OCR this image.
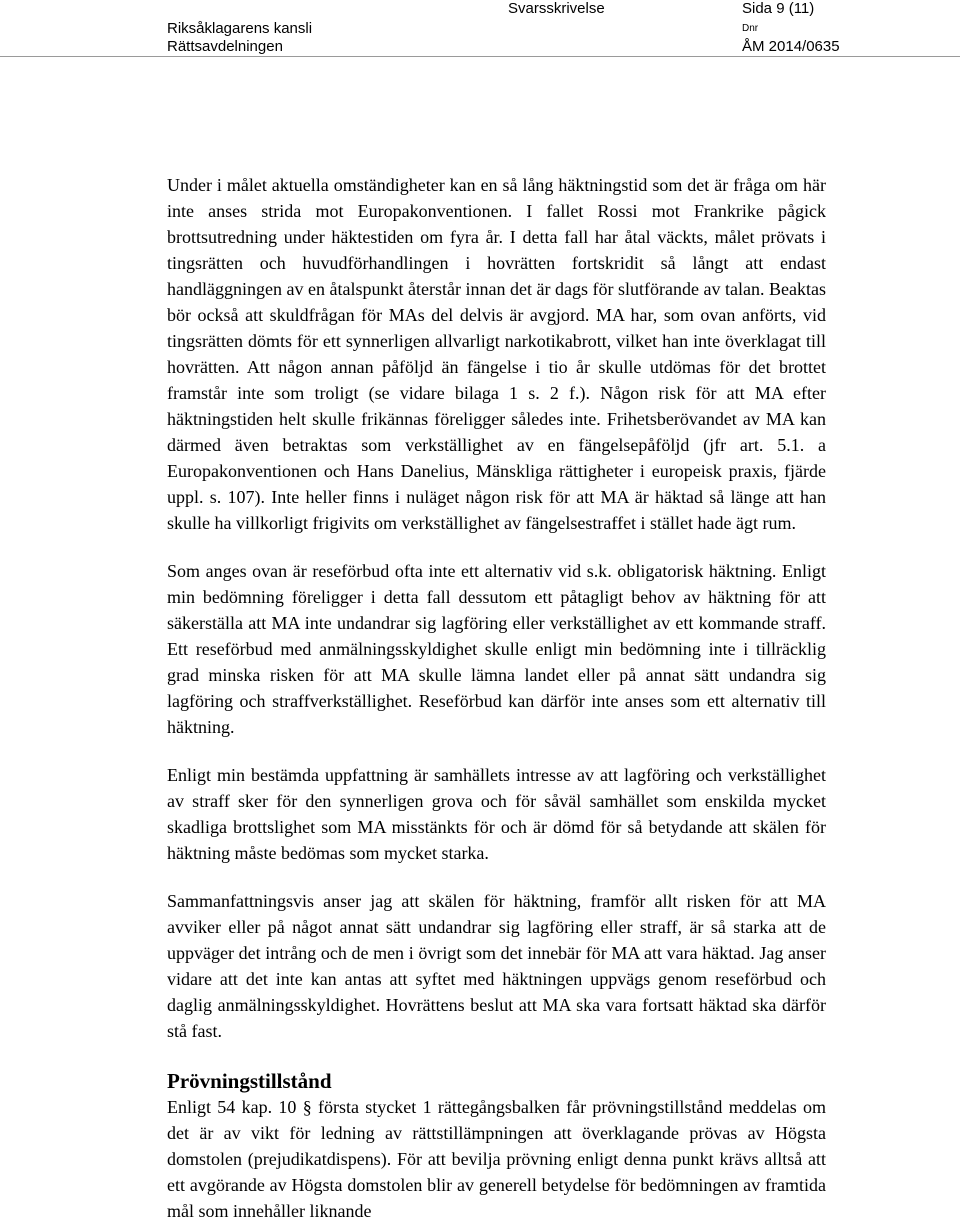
Riksåklagarens kansli
Rättsavdelningen
Svarsskrivelse	Sida 9 (11)
Dnr
ÅM 2014/0635

Under i målet aktuella omständigheter kan en så lång häktningstid som det är fråga om här inte anses strida mot Europakonventionen. I fallet Rossi mot Frankrike pågick brottsutredning under häktestiden om fyra år. I detta fall har åtal väckts, målet prövats i tingsrätten och huvudförhandlingen i hovrätten fortskridit så långt att endast handläggningen av en åtalspunkt återstår innan det är dags för slutförande av talan. Beaktas bör också att skuldfrågan för MAs del delvis är avgjord. MA har, som ovan anförts, vid tingsrätten dömts för ett synnerligen allvarligt narkotikabrott, vilket han inte överklagat till hovrätten. Att någon annan påföljd än fängelse i tio år skulle utdömas för det brottet framstår inte som troligt (se vidare bilaga 1 s. 2 f.). Någon risk för att MA efter häktningstiden helt skulle frikännas föreligger således inte. Frihetsberövandet av MA kan därmed även betraktas som verkställighet av en fängelsepåföljd (jfr art. 5.1. a Europakonventionen och Hans Danelius, Mänskliga rättigheter i europeisk praxis, fjärde uppl. s. 107). Inte heller finns i nuläget någon risk för att MA är häktad så länge att han skulle ha villkorligt frigivits om verkställighet av fängelsestraffet i stället hade ägt rum.

Som anges ovan är reseförbud ofta inte ett alternativ vid s.k. obligatorisk häktning. Enligt min bedömning föreligger i detta fall dessutom ett påtagligt behov av häktning för att säkerställa att MA inte undandrar sig lagföring eller verkställighet av ett kommande straff. Ett reseförbud med anmälningsskyldighet skulle enligt min bedömning inte i tillräcklig grad minska risken för att MA skulle lämna landet eller på annat sätt undandra sig lagföring och straffverkställighet. Reseförbud kan därför inte anses som ett alternativ till häktning.

Enligt min bestämda uppfattning är samhällets intresse av att lagföring och verkställighet av straff sker för den synnerligen grova och för såväl samhället som enskilda mycket skadliga brottslighet som MA misstänkts för och är dömd för så betydande att skälen för häktning måste bedömas som mycket starka.

Sammanfattningsvis anser jag att skälen för häktning, framför allt risken för att MA avviker eller på något annat sätt undandrar sig lagföring eller straff, är så starka att de uppväger det intrång och de men i övrigt som det innebär för MA att vara häktad. Jag anser vidare att det inte kan antas att syftet med häktningen uppvägs genom reseförbud och daglig anmälningsskyldighet. Hovrättens beslut att MA ska vara fortsatt häktad ska därför stå fast.

Prövningstillstånd

Enligt 54 kap. 10 § första stycket 1 rättegångsbalken får prövningstillstånd meddelas om det är av vikt för ledning av rättstillämpningen att överklagande prövas av Högsta domstolen (prejudikatdispens). För att bevilja prövning enligt denna punkt krävs alltså att ett avgörande av Högsta domstolen blir av generell betydelse för bedömningen av framtida mål som innehåller liknande
